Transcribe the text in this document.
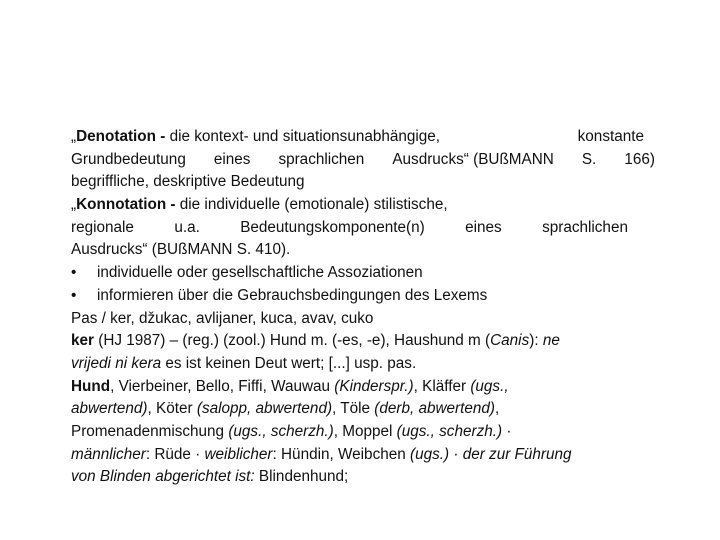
„Denotation - die kontext- und situationsunabhängige,	konstante
Grundbedeutung eines sprachlichen Ausdrucks“ (BUßMANN S. 166)
begriffliche, deskriptive Bedeutung
„Konnotation - die individuelle (emotionale) stilistische,
regionale	u.a.	Bedeutungskomponente(n)	eines	sprachlichen
Ausdrucks“ (BUßMANN S. 410).
• individuelle oder gesellschaftliche Assoziationen
• informieren über die Gebrauchsbedingungen des Lexems
Pas / ker, džukac, avlijaner, kuca, avav, cuko
ker (HJ 1987) – (reg.) (zool.) Hund m. (-es, -e), Haushund m (Canis): ne
vrijedi ni kera es ist keinen Deut wert; [...] usp. pas.
Hund, Vierbeiner, Bello, Fiffi, Wauwau (Kinderspr.), Kläffer (ugs.,
abwertend), Köter (salopp, abwertend), Töle (derb, abwertend),
Promenadenmischung (ugs., scherzh.), Moppel (ugs., scherzh.) ·
männlicher: Rüde · weiblicher: Hündin, Weibchen (ugs.) · der zur Führung
von Blinden abgerichtet ist: Blindenhund;
